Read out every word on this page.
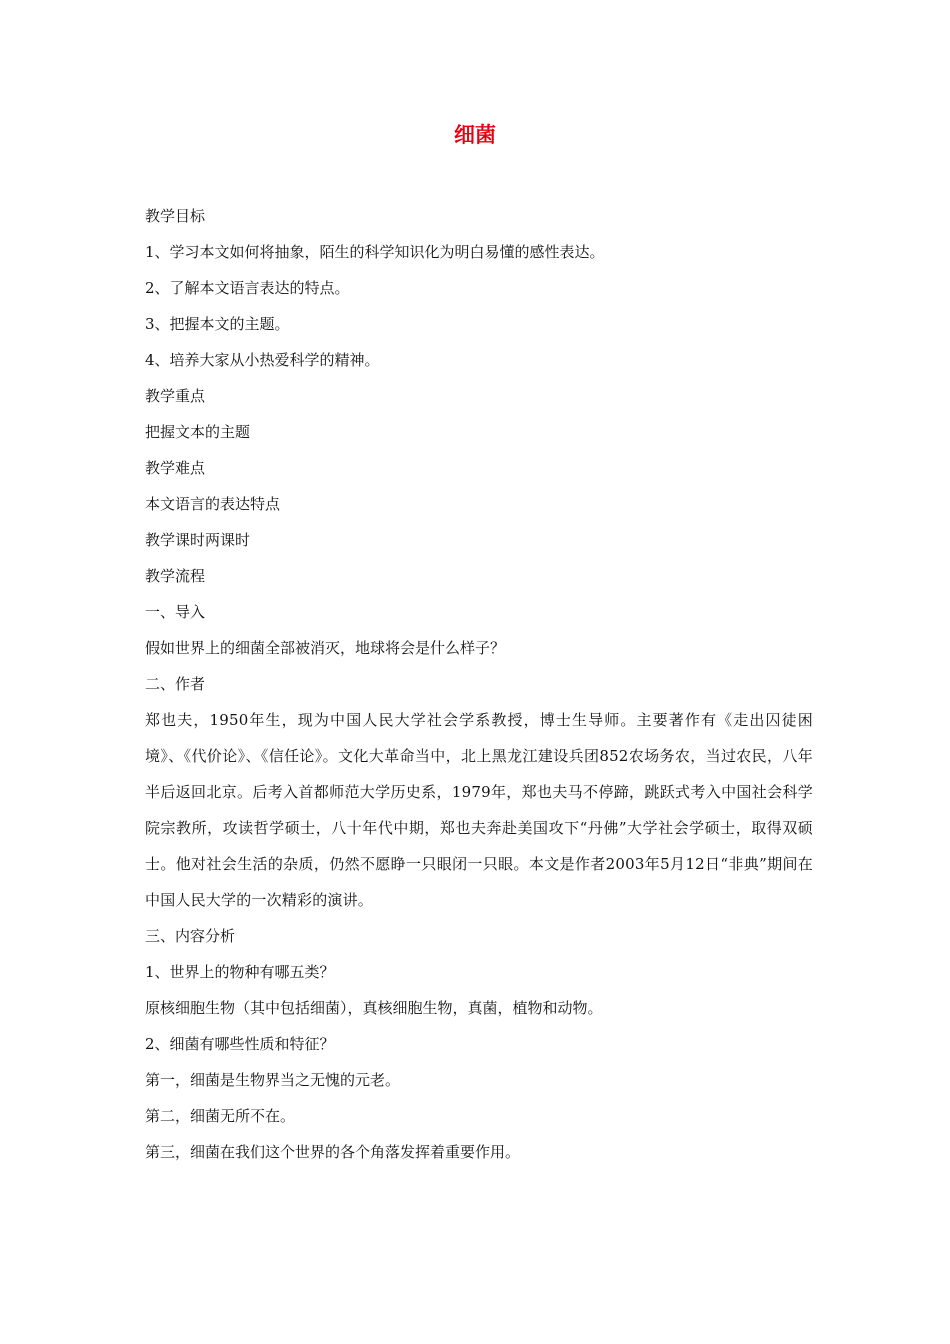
细菌

教学目标

1、学习本文如何将抽象，陌生的科学知识化为明白易懂的感性表达。

2、了解本文语言表达的特点。

3、把握本文的主题。

4、培养大家从小热爱科学的精神。

教学重点

把握文本的主题

教学难点

本文语言的表达特点

教学课时两课时

教学流程

一、导入

假如世界上的细菌全部被消灭，地球将会是什么样子？

二、作者

郑也夫，1950年生，现为中国人民大学社会学系教授，博士生导师。主要著作有《走出囚徒困境》、《代价论》、《信任论》。文化大革命当中，北上黑龙江建设兵团852农场务农，当过农民，八年半后返回北京。后考入首都师范大学历史系，1979年，郑也夫马不停蹄，跳跃式考入中国社会科学院宗教所，攻读哲学硕士，八十年代中期，郑也夫奔赴美国攻下“丹佛”大学社会学硕士，取得双硕士。他对社会生活的杂质，仍然不愿睁一只眼闭一只眼。本文是作者2003年5月12日“非典”期间在中国人民大学的一次精彩的演讲。

三、内容分析

1、世界上的物种有哪五类？

原核细胞生物（其中包括细菌），真核细胞生物，真菌，植物和动物。

2、细菌有哪些性质和特征？

第一，细菌是生物界当之无愧的元老。

第二，细菌无所不在。

第三，细菌在我们这个世界的各个角落发挥着重要作用。
